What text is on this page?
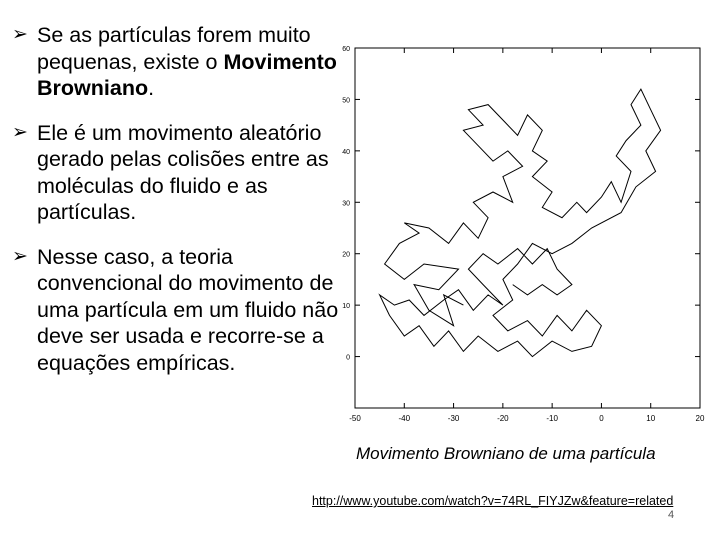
➢ Se as partículas forem muito pequenas, existe o Movimento Browniano.
➢ Ele é um movimento aleatório gerado pelas colisões entre as moléculas do fluido e as partículas.
➢ Nesse caso, a teoria convencional do movimento de uma partícula em um fluido não deve ser usada e recorre-se a equações empíricas.
-50	-40	-30	-20	-10	0	10	20
0
10
20
30
40
50
60
Movimento Browniano de uma partícula
http://www.youtube.com/watch?v=74RL_FIYJZw&feature=related
4
